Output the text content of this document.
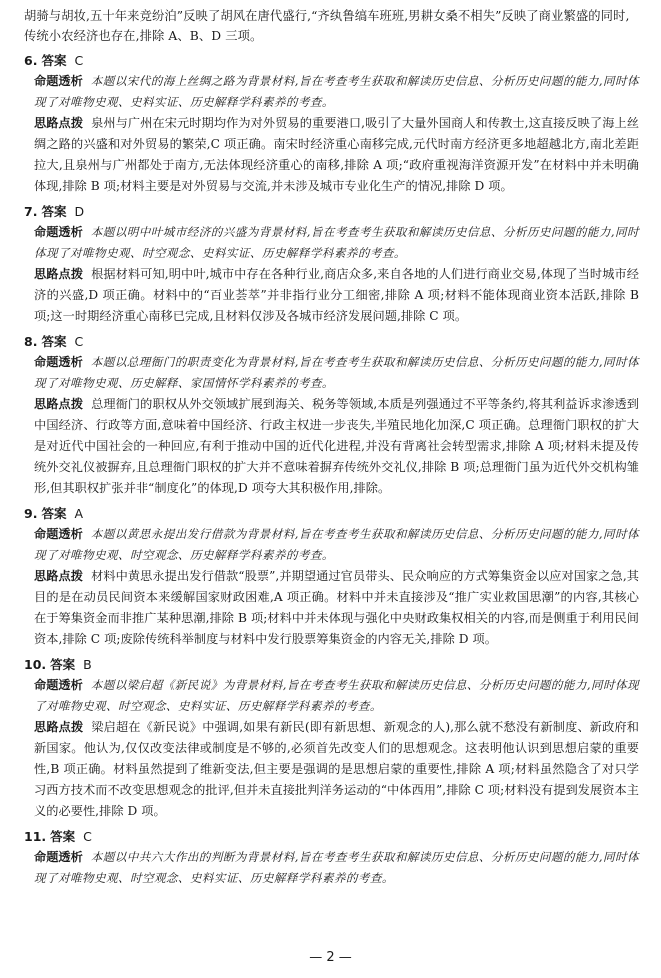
胡骑与胡妆,五十年来竞纷泊”反映了胡风在唐代盛行,“齐纨鲁缟车班班,男耕女桑不相失”反映了商业繁盛的同时,传统小农经济也存在,排除 A、B、D 三项。

6. 答案 C

命题透析 本题以宋代的海上丝绸之路为背景材料,旨在考查考生获取和解读历史信息、分析历史问题的能力,同时体现了对唯物史观、史料实证、历史解释学科素养的考查。

思路点拨 泉州与广州在宋元时期均作为对外贸易的重要港口,吸引了大量外国商人和传教士,这直接反映了海上丝绸之路的兴盛和对外贸易的繁荣,C 项正确。南宋时经济重心南移完成,元代时南方经济更多地超越北方,南北差距拉大,且泉州与广州都处于南方,无法体现经济重心的南移,排除 A 项;“政府重视海洋资源开发”在材料中并未明确体现,排除 B 项;材料主要是对外贸易与交流,并未涉及城市专业化生产的情况,排除 D 项。

7. 答案 D

命题透析 本题以明中叶城市经济的兴盛为背景材料,旨在考查考生获取和解读历史信息、分析历史问题的能力,同时体现了对唯物史观、时空观念、史料实证、历史解释学科素养的考查。

思路点拨 根据材料可知,明中叶,城市中存在各种行业,商店众多,来自各地的人们进行商业交易,体现了当时城市经济的兴盛,D 项正确。材料中的“百业荟萃”并非指行业分工细密,排除 A 项;材料不能体现商业资本活跃,排除 B 项;这一时期经济重心南移已完成,且材料仅涉及各城市经济发展问题,排除 C 项。

8. 答案 C

命题透析 本题以总理衙门的职责变化为背景材料,旨在考查考生获取和解读历史信息、分析历史问题的能力,同时体现了对唯物史观、历史解释、家国情怀学科素养的考查。

思路点拨 总理衙门的职权从外交领域扩展到海关、税务等领域,本质是列强通过不平等条约,将其利益诉求渗透到中国经济、行政等方面,意味着中国经济、行政主权进一步丧失,半殖民地化加深,C 项正确。总理衙门职权的扩大是对近代中国社会的一种回应,有利于推动中国的近代化进程,并没有背离社会转型需求,排除 A 项;材料未提及传统外交礼仪被摒弃,且总理衙门职权的扩大并不意味着摒弃传统外交礼仪,排除 B 项;总理衙门虽为近代外交机构雏形,但其职权扩张并非“制度化”的体现,D 项夸大其积极作用,排除。

9. 答案 A

命题透析 本题以黄思永提出发行借款为背景材料,旨在考查考生获取和解读历史信息、分析历史问题的能力,同时体现了对唯物史观、时空观念、历史解释学科素养的考查。

思路点拨 材料中黄思永提出发行借款“股票”,并期望通过官员带头、民众响应的方式筹集资金以应对国家之急,其目的是在动员民间资本来缓解国家财政困难,A 项正确。材料中并未直接涉及“推广实业救国思潮”的内容,其核心在于筹集资金而非推广某种思潮,排除 B 项;材料中并未体现与强化中央财政集权相关的内容,而是侧重于利用民间资本,排除 C 项;废除传统科举制度与材料中发行股票筹集资金的内容无关,排除 D 项。

10. 答案 B

命题透析 本题以梁启超《新民说》为背景材料,旨在考查考生获取和解读历史信息、分析历史问题的能力,同时体现了对唯物史观、时空观念、史料实证、历史解释学科素养的考查。

思路点拨 梁启超在《新民说》中强调,如果有新民(即有新思想、新观念的人),那么就不愁没有新制度、新政府和新国家。他认为,仅仅改变法律或制度是不够的,必须首先改变人们的思想观念。这表明他认识到思想启蒙的重要性,B 项正确。材料虽然提到了维新变法,但主要是强调的是思想启蒙的重要性,排除 A 项;材料虽然隐含了对只学习西方技术而不改变思想观念的批评,但并未直接批判洋务运动的“中体西用”,排除 C 项;材料没有提到发展资本主义的必要性,排除 D 项。

11. 答案 C

命题透析 本题以中共六大作出的判断为背景材料,旨在考查考生获取和解读历史信息、分析历史问题的能力,同时体现了对唯物史观、时空观念、史料实证、历史解释学科素养的考查。

— 2 —
